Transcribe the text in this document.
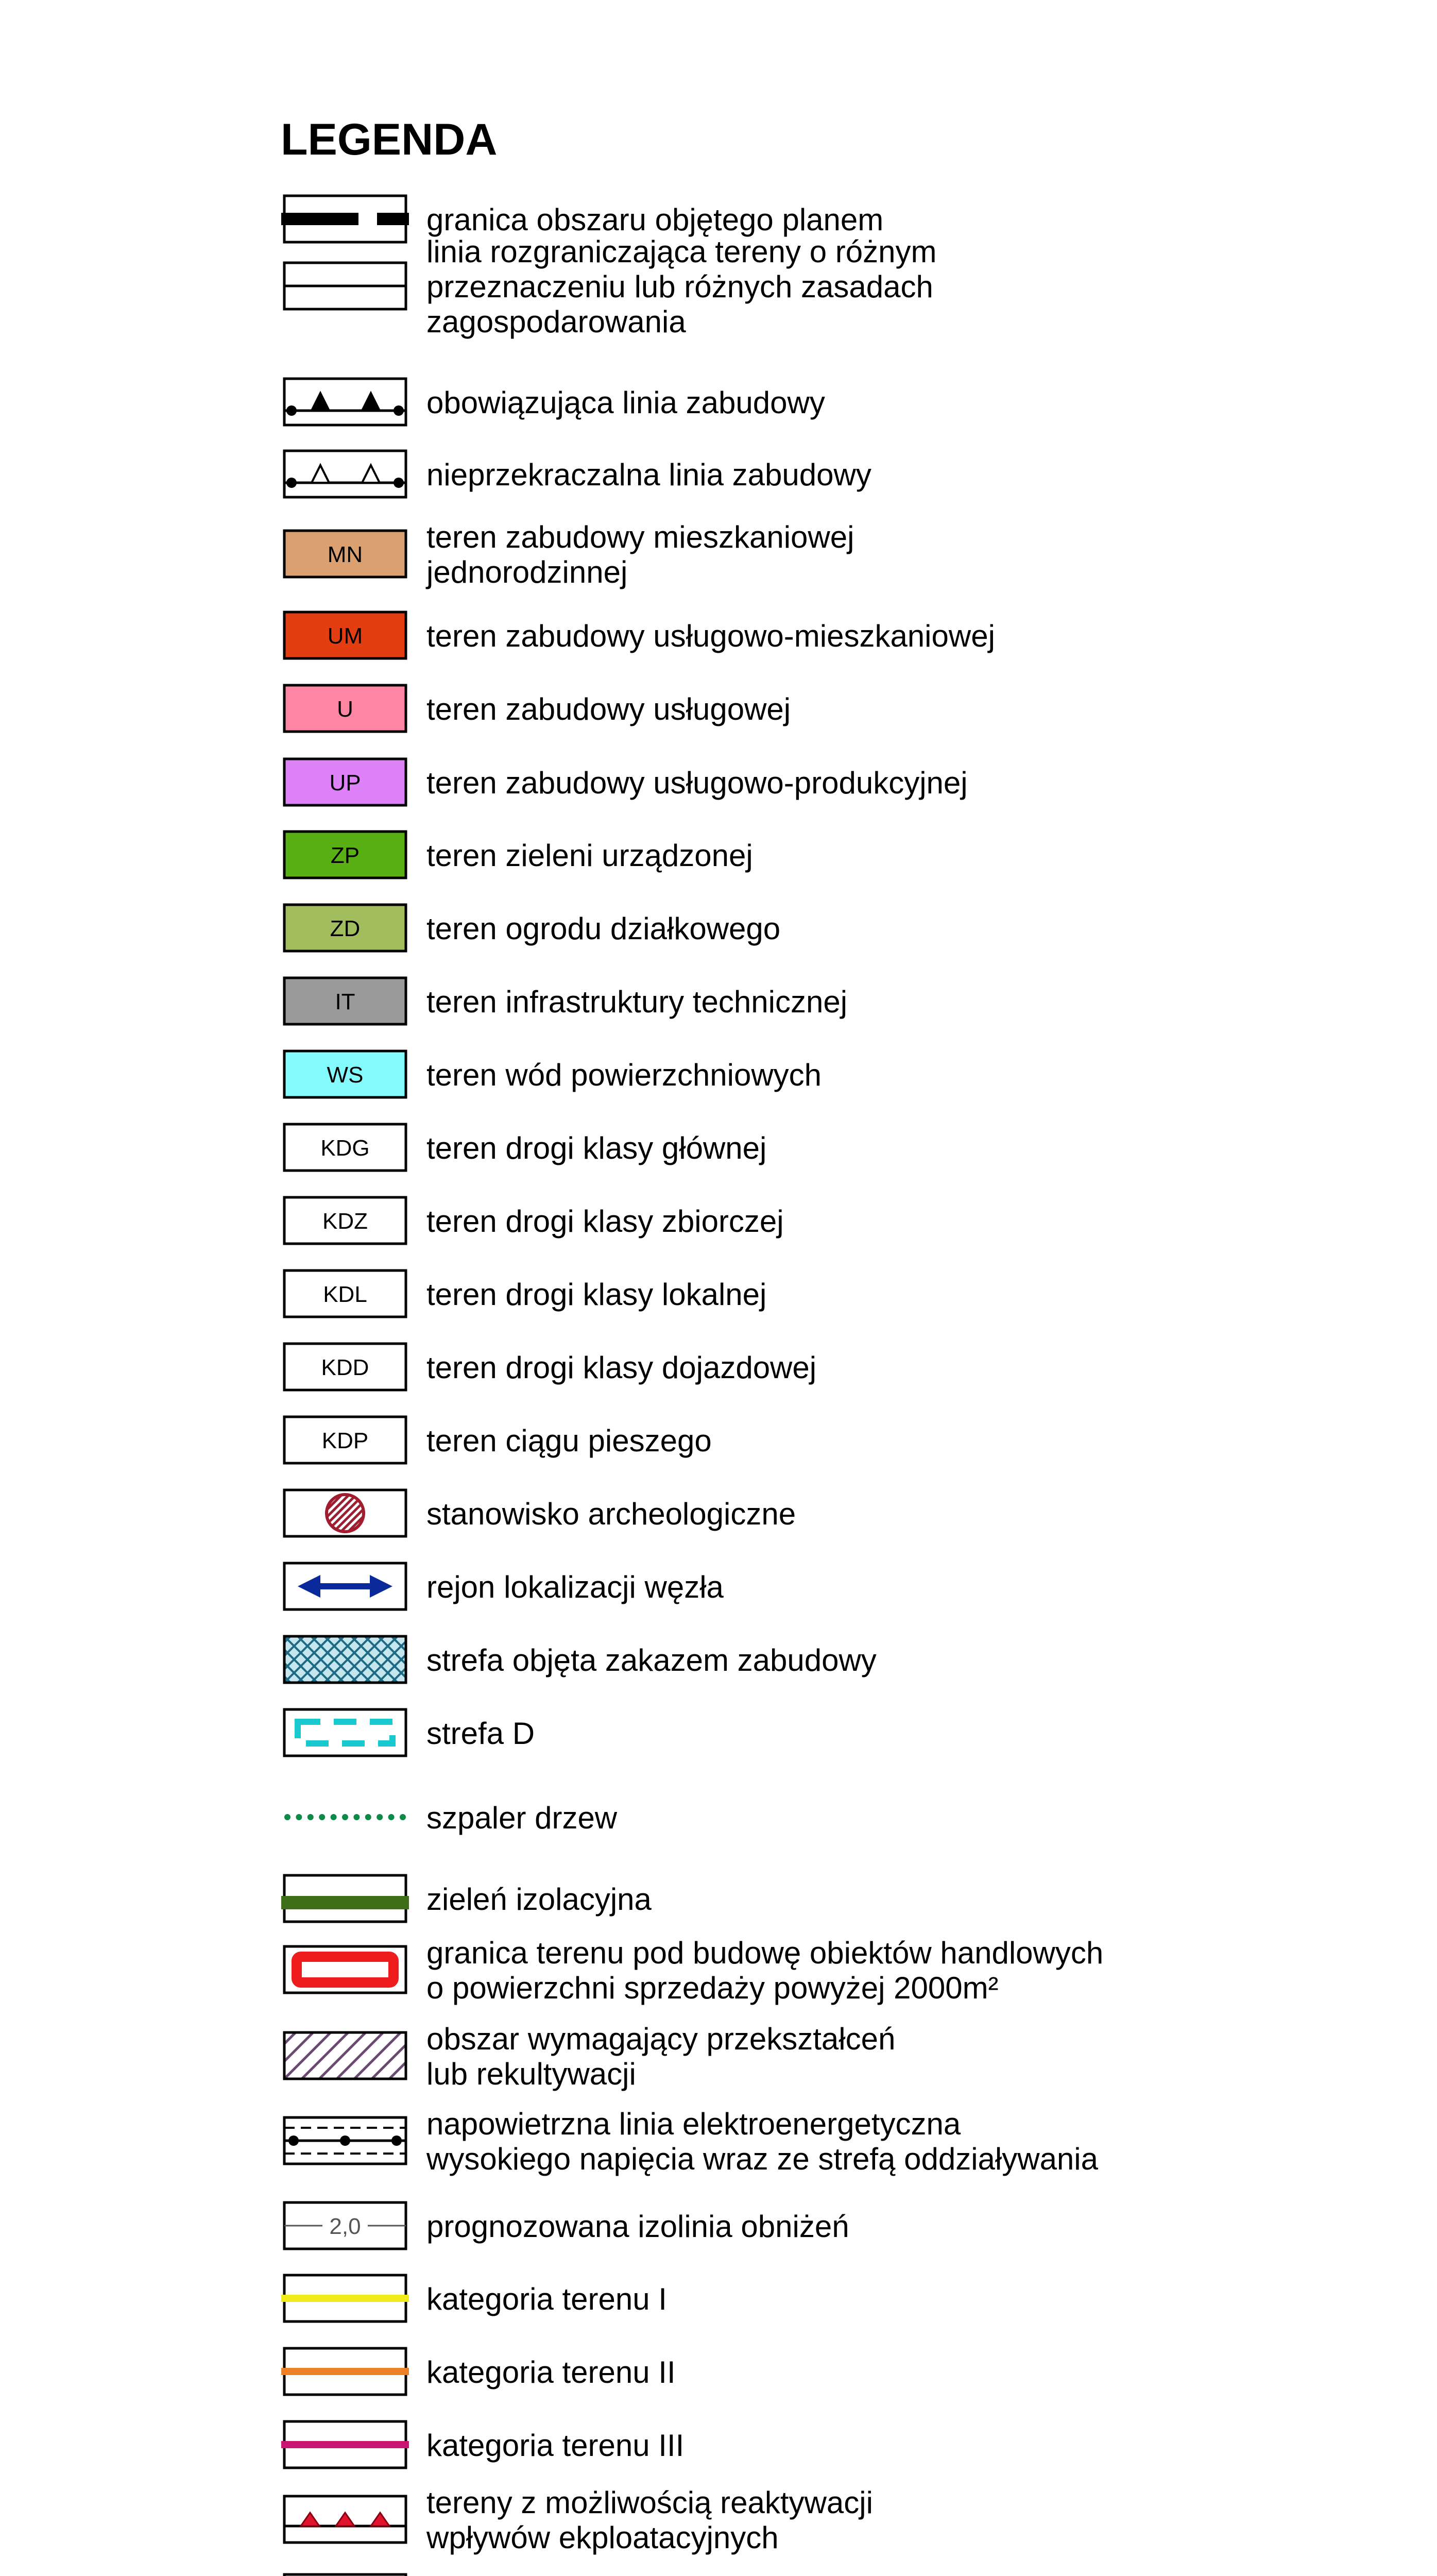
LEGENDA
granica obszaru objętego planem
linia rozgraniczająca tereny o różnym
przeznaczeniu lub różnych zasadach
zagospodarowania
obowiązująca linia zabudowy
nieprzekraczalna linia zabudowy
MN
teren zabudowy mieszkaniowej
jednorodzinnej
UM teren zabudowy usługowo-mieszkaniowej
U teren zabudowy usługowej
UP teren zabudowy usługowo-produkcyjnej
ZP teren zieleni urządzonej
ZD teren ogrodu działkowego
IT teren infrastruktury technicznej
WS teren wód powierzchniowych
KDG teren drogi klasy głównej
KDZ teren drogi klasy zbiorczej
KDL teren drogi klasy lokalnej
KDD teren drogi klasy dojazdowej
KDP teren ciągu pieszego
stanowisko archeologiczne
rejon lokalizacji węzła
strefa objęta zakazem zabudowy
strefa D
szpaler drzew
zieleń izolacyjna
granica terenu pod budowę obiektów handlowych
o powierzchni sprzedaży powyżej 2000m²
obszar wymagający przekształceń
lub rekultywacji
napowietrzna linia elektroenergetyczna
wysokiego napięcia wraz ze strefą oddziaływania
2,0 prognozowana izolinia obniżeń
kategoria terenu I
kategoria terenu II
kategoria terenu III
tereny z możliwością reaktywacji
wpływów ekploatacyjnych
